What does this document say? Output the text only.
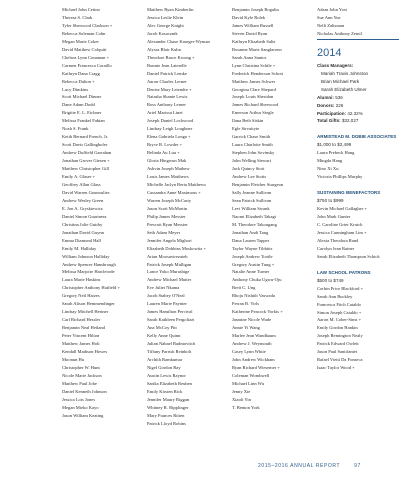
Michael John Cetino
Theresa S. Clark
Tyler Sherwood Clarkson +
Rebecca Soleman Cohn
Megan Marie Coker
David Matthew Colquitt
Chelsea Lynn Conaman +
Carmen Francesca Coraillo
Kathryn Dana Cragg
Rebecca Dalton +
Lucy Dimkins
Scott Michael Dinner
Dane Adam Dodd
Brigitte E. L. Eichner
Melissa Frankel Fabian
Noah S. Frank
Keith Bernard French, Jr.
Scott Davis Gallinghofer
Andrew Duffield Garrahan
Jonathan Grover Giesen +
Matthew Christopher Gill
Emily A. Glaser +
Geoffrey Allan Glass
David Warren Gounoulies
Andrew Wesley Green
E. Jon A. Gryskiewicz
Daniel Simon Guarinera
Christina Jolie Guidry
Jonathan David Guynn
Emma Diamond Hall
Emily M. Halliday
William Johnson Halliday
Andrew Spencer Hansbrough
Melissa Marjorie Harclerode
Laura Marie Haskins
Christopher Anthony Hatfield +
Gregory Neil Hatzes
Sarah Alison Hemmendinger
Lindsay Mitchell Hertner
Carl Richard Hessler
Benjamin Neal Hetland
Peter Vincent Hilton
Matthew James Holt
Kendall Madison Howes
Moonun Hu
Christopher W. Hunt
Nicole Marie Jackson
Matthew Paul Jobe
Daniel Kenneth Johnson
Jessica Lois Jones
Megan Mieko Kayo
Jason William Keating
Matthew Ryan Kimberlin
Jessica Leslie Klein
Alec George Knight
Jacob Kosacznik
Alexander Chase Krueger-Wyman
Alyssa Blair Kuhn
Theodore Bruce Kwong +
Bonnie Jean Laterelle
Daniel Patrick Lemke
Aaron Charles Lerner
Denise Mary Letendre +
Natasha Shante Lewis
Ross Anthony Lerner
Ariel Marissa Linet
Joseph Daniel Lockwood
Lindsay Leigh Loughner
Elena Gabriela Longa +
Bryce R. Lowder +
Belinda Au Luu +
Gloria Hingwun Mak
Ashvin Joseph Mathew
Louis James Matthews
Michelle Jaclyn Berta Matthews
Cassandra Anne Maximous +
Warren Joseph McCarty
Jason Scott McMartin
Philip James Messier
Prescott Ryan Messier
Seth Adam Meyer
Jennifer Angela Mighori
Elizabeth Dobbins Moskowitz +
Arian Moosavirezaieh
Patrick Joseph Mulligan
Lance Yoko Murashige
Andrew Michael Mutter
Eve Juliet Nkama
Jacob Stabey O'Neal
Lauren Marie Paynter
James Hamilton Percival
Sarah Kathleen Pergolizzi
Ana McCoy Pitt
Kelly Anne Quinn
Julian Nabael Radmovitch
Tiffany Parrish Reinholt
Archith Ramkumar
Nigel Gordon Ray
Austin Lewis Raynor
Sarika Elizabeth Reuben
Emily Kirsten Rick
Jennifer Maury Riggan
Whitney R. Ripplinger
Mary Frances Ritten
Patrick Lloyd Robins
Benjamin Joseph Rogalin
David Kyle Rolek
James William Russell
Steven David Ryan
Kathryn Elizabeth Saltz
Rosanne Marie Sanglaceno
Sarah Anna Santos
Lynn Christina Schile +
Frederick Henderson Schott
Matthew James Schwer
Georgina Clare Shepard
Joseph Louis Sheridan
James Richard Sherwood
Emerson Arthur Siegle
Ilana Beth Siskin
Egle Sirvaityte
Garrick Chase Smith
Laura Charlotte Smith
Stephen John Sovinsky
John Welling Stewart
Jack Quincy Stott
Andrew Lee Stotts
Benjamin Fletcher Sturgeon
Sally Jeanne Sullivan
Sean Patrick Sullivan
Levi William Swank
Naomi Elizabeth Takagi
M. Theodore Takougang
Jonathan Andi Tang
Dana Lauren Tapper
Taylor Wayne Tibbitts
Joseph Andrew Tootle
Gregory Austin Tung +
Natalie Anne Turner
Anthony Chuka Ugwu-Oju
Brett C. Ung
Rhoju Nishith Vaswada
Ferran B. Virls
Katherine Peacock Vorkis +
Jasmine Nicole Wade
Annie Yi Wang
Marlee Jean Wandbaum
Andrew J. Weymouth
Casey Lynn White
John Andrew Wickham
Ryan Richard Wiesemer +
Coleman Wombwell
Michael Linn Wu
Jenny Xie
Xiaoli Yin
T. Benton York
Adam John Yost
Sue Ann Yue
Nelli Zaltsman
Nicholas Anthony Zemil
2014
Class Managers:
Mariah Travis Johnston
Brian Michael Park
Sarah Elizabeth Ulmer
Alumni: 536
Donors: 226
Participation: 42.32%
Total Gifts: $32,027
ARMISTEAD M. DOBIE ASSOCIATES
$1,000 to $2,499
Laura Prebeck Hang
Mingda Hang
Nino Xi Xu
Victoria Phillips Murphy
SUSTAINING BENEFACTORS
$750 to $999
Kevin Michael Gallagher +
John Mark Gunter
C. Caroline Grier Kruich
Jessica Cunningham Lim +
Alexia Theodora Rand
Carolyn Jean Rainer
Sarah Elizabeth Thompson Schick
LAW SCHOOL PATRONS
$500 to $749
Corbin Price Blackford +
Sarah Ann Buckley
Francesca Fitch Cataldo
Simon Joseph Cataldo +
Aaron M. Cober-Sims +
Emily Gordon Hankin
Joseph Remington Nealy
Patrick Edward Owlett
Jason Paul Santifantet
Rafael Vieiti Da Fonseca
Isaac Taylor Wood +
2015–2016 ANNUAL REPORT	97
